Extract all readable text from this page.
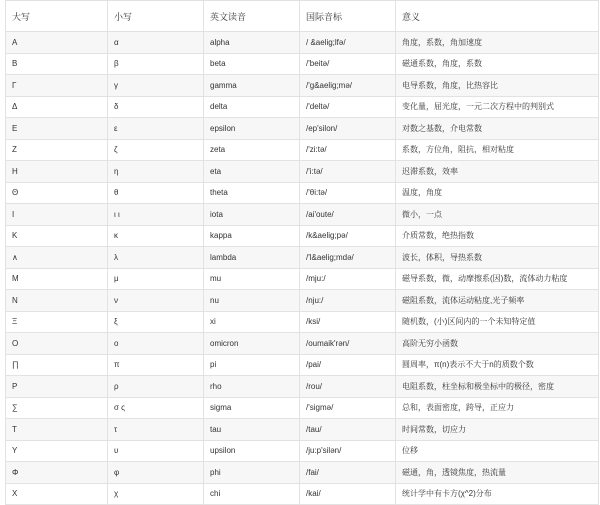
大写	小写	英文读音	国际音标	意义
Α	α	alpha	/ &aelig;lfə/	角度，系数，角加速度
Β	β	beta	/'beitə/	磁通系数，角度，系数
Γ	γ	gamma	/'g&aelig;mə/	电导系数，角度，比热容比
Δ	δ	delta	/'deltə/	变化量，屈光度，一元二次方程中的判别式
Ε	ε	epsilon	/ep'silon/	对数之基数，介电常数
Ζ	ζ	zeta	/'zi:tə/	系数，方位角，阻抗，相对粘度
Η	η	eta	/'i:tə/	迟滞系数，效率
Θ	θ	theta	/'θi:tə/	温度，角度
Ι	ι ι	iota	/ai'oute/	微小，一点
Κ	κ	kappa	/k&aelig;pə/	介质常数，绝热指数
∧	λ	lambda	/'l&aelig;mdə/	波长，体积，导热系数
Μ	μ	mu	/mju:/	磁导系数，微，动摩擦系(因)数，流体动力粘度
Ν	ν	nu	/nju:/	磁阻系数，流体运动粘度,光子频率
Ξ	ξ	xi	/ksi/	随机数，(小)区间内的一个未知特定值
Ο	ο	omicron	/oumaik'rən/	高阶无穷小函数
∏	π	pi	/pai/	圆周率，π(n)表示不大于n的质数个数
Ρ	ρ	rho	/rou/	电阻系数，柱坐标和极坐标中的极径，密度
∑	σ ς	sigma	/'sigmə/	总和，表面密度，跨导，正应力
Τ	τ	tau	/tau/	时间常数，切应力
Υ	υ	upsilon	/ju:p'silən/	位移
Φ	φ	phi	/fai/	磁通，角，透镜焦度，热流量
Χ	χ	chi	/kai/	统计学中有卡方(χ^2)分布
